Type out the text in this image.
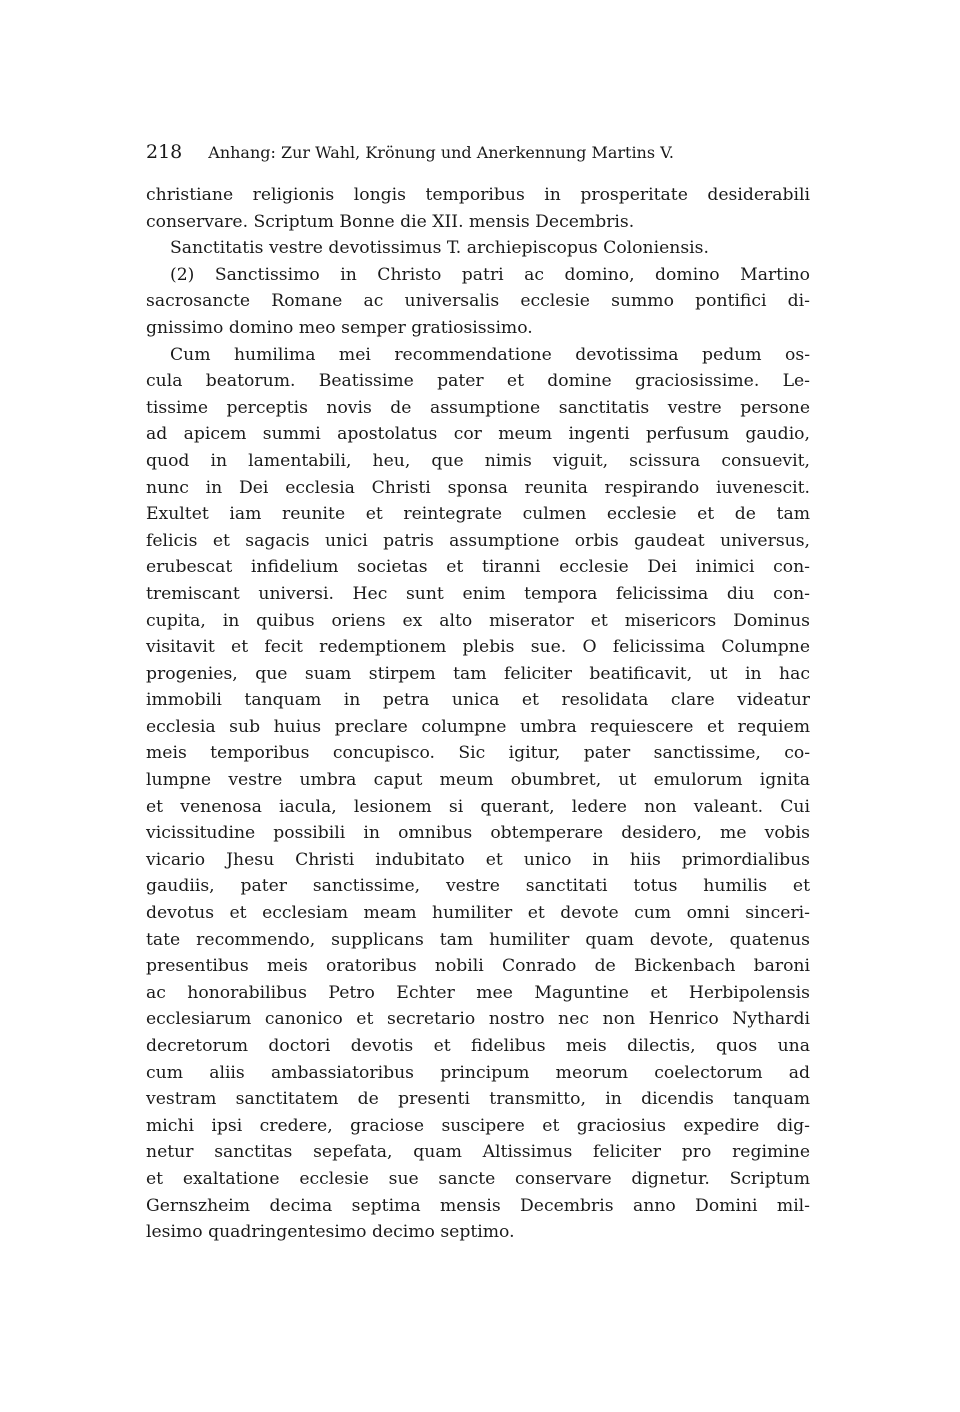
218 Anhang: Zur Wahl, Krönung und Anerkennung Martins V.
christiane religionis longis temporibus in prosperitate desiderabili
conservare. Scriptum Bonne die XII. mensis Decembris.
Sanctitatis vestre devotissimus T. archiepiscopus Coloniensis.
(2) Sanctissimo in Christo patri ac domino, domino Martino
sacrosancte Romane ac universalis ecclesie summo pontifici di-
gnissimo domino meo semper gratiosissimo.
Cum humilima mei recommendatione devotissima pedum os-
cula beatorum. Beatissime pater et domine graciosissime. Le-
tissime perceptis novis de assumptione sanctitatis vestre persone
ad apicem summi apostolatus cor meum ingenti perfusum gaudio,
quod in lamentabili, heu, que nimis viguit, scissura consuevit,
nunc in Dei ecclesia Christi sponsa reunita respirando iuvenescit.
Exultet iam reunite et reintegrate culmen ecclesie et de tam
felicis et sagacis unici patris assumptione orbis gaudeat universus,
erubescat infidelium societas et tiranni ecclesie Dei inimici con-
tremiscant universi. Hec sunt enim tempora felicissima diu con-
cupita, in quibus oriens ex alto miserator et misericors Dominus
visitavit et fecit redemptionem plebis sue. O felicissima Columpne
progenies, que suam stirpem tam feliciter beatificavit, ut in hac
immobili tanquam in petra unica et resolidata clare videatur
ecclesia sub huius preclare columpne umbra requiescere et requiem
meis temporibus concupisco. Sic igitur, pater sanctissime, co-
lumpne vestre umbra caput meum obumbret, ut emulorum ignita
et venenosa iacula, lesionem si querant, ledere non valeant. Cui
vicissitudine possibili in omnibus obtemperare desidero, me vobis
vicario Jhesu Christi indubitato et unico in hiis primordialibus
gaudiis, pater sanctissime, vestre sanctitati totus humilis et
devotus et ecclesiam meam humiliter et devote cum omni sinceri-
tate recommendo, supplicans tam humiliter quam devote, quatenus
presentibus meis oratoribus nobili Conrado de Bickenbach baroni
ac honorabilibus Petro Echter mee Maguntine et Herbipolensis
ecclesiarum canonico et secretario nostro nec non Henrico Nythardi
decretorum doctori devotis et fidelibus meis dilectis, quos una
cum aliis ambassiatoribus principum meorum coelectorum ad
vestram sanctitatem de presenti transmitto, in dicendis tanquam
michi ipsi credere, graciose suscipere et graciosius expedire dig-
netur sanctitas sepefata, quam Altissimus feliciter pro regimine
et exaltatione ecclesie sue sancte conservare dignetur. Scriptum
Gernszheim decima septima mensis Decembris anno Domini mil-
lesimo quadringentesimo decimo septimo.
